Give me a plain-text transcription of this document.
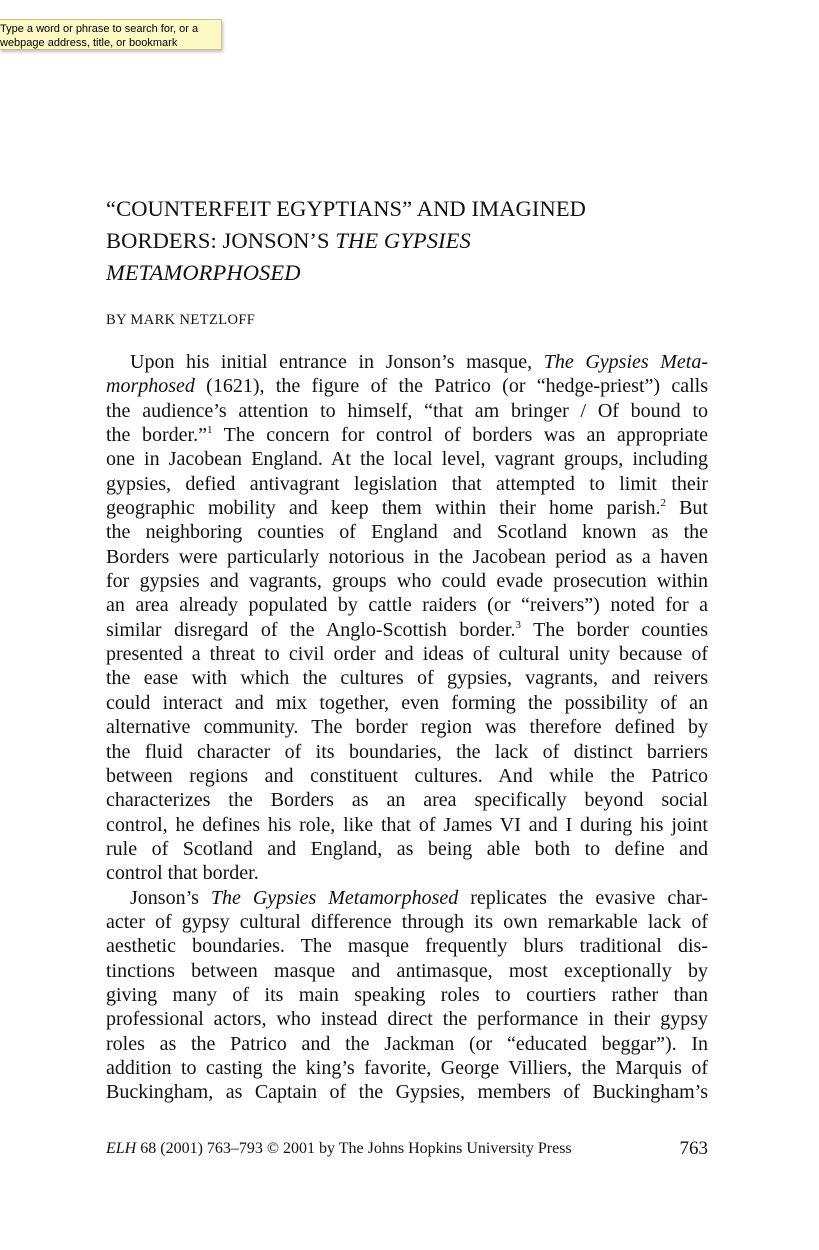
Type a word or phrase to search for, or a
webpage address, title, or bookmark
“COUNTERFEIT EGYPTIANS” AND IMAGINED
BORDERS: JONSON’S THE GYPSIES
METAMORPHOSED
BY MARK NETZLOFF
Upon his initial entrance in Jonson’s masque, The Gypsies Meta-
morphosed (1621), the figure of the Patrico (or “hedge-priest”) calls
the audience’s attention to himself, “that am bringer / Of bound to
the border.”$^1$ The concern for control of borders was an appropriate
one in Jacobean England. At the local level, vagrant groups, including
gypsies, defied antivagrant legislation that attempted to limit their
geographic mobility and keep them within their home parish.$^2$ But
the neighboring counties of England and Scotland known as the
Borders were particularly notorious in the Jacobean period as a haven
for gypsies and vagrants, groups who could evade prosecution within
an area already populated by cattle raiders (or “reivers”) noted for a
similar disregard of the Anglo-Scottish border.$^3$ The border counties
presented a threat to civil order and ideas of cultural unity because of
the ease with which the cultures of gypsies, vagrants, and reivers
could interact and mix together, even forming the possibility of an
alternative community. The border region was therefore defined by
the fluid character of its boundaries, the lack of distinct barriers
between regions and constituent cultures. And while the Patrico
characterizes the Borders as an area specifically beyond social
control, he defines his role, like that of James VI and I during his joint
rule of Scotland and England, as being able both to define and
control that border.
Jonson’s The Gypsies Metamorphosed replicates the evasive char-
acter of gypsy cultural difference through its own remarkable lack of
aesthetic boundaries. The masque frequently blurs traditional dis-
tinctions between masque and antimasque, most exceptionally by
giving many of its main speaking roles to courtiers rather than
professional actors, who instead direct the performance in their gypsy
roles as the Patrico and the Jackman (or “educated beggar”). In
addition to casting the king’s favorite, George Villiers, the Marquis of
Buckingham, as Captain of the Gypsies, members of Buckingham’s
ELH 68 (2001) 763–793 © 2001 by The Johns Hopkins University Press	763
